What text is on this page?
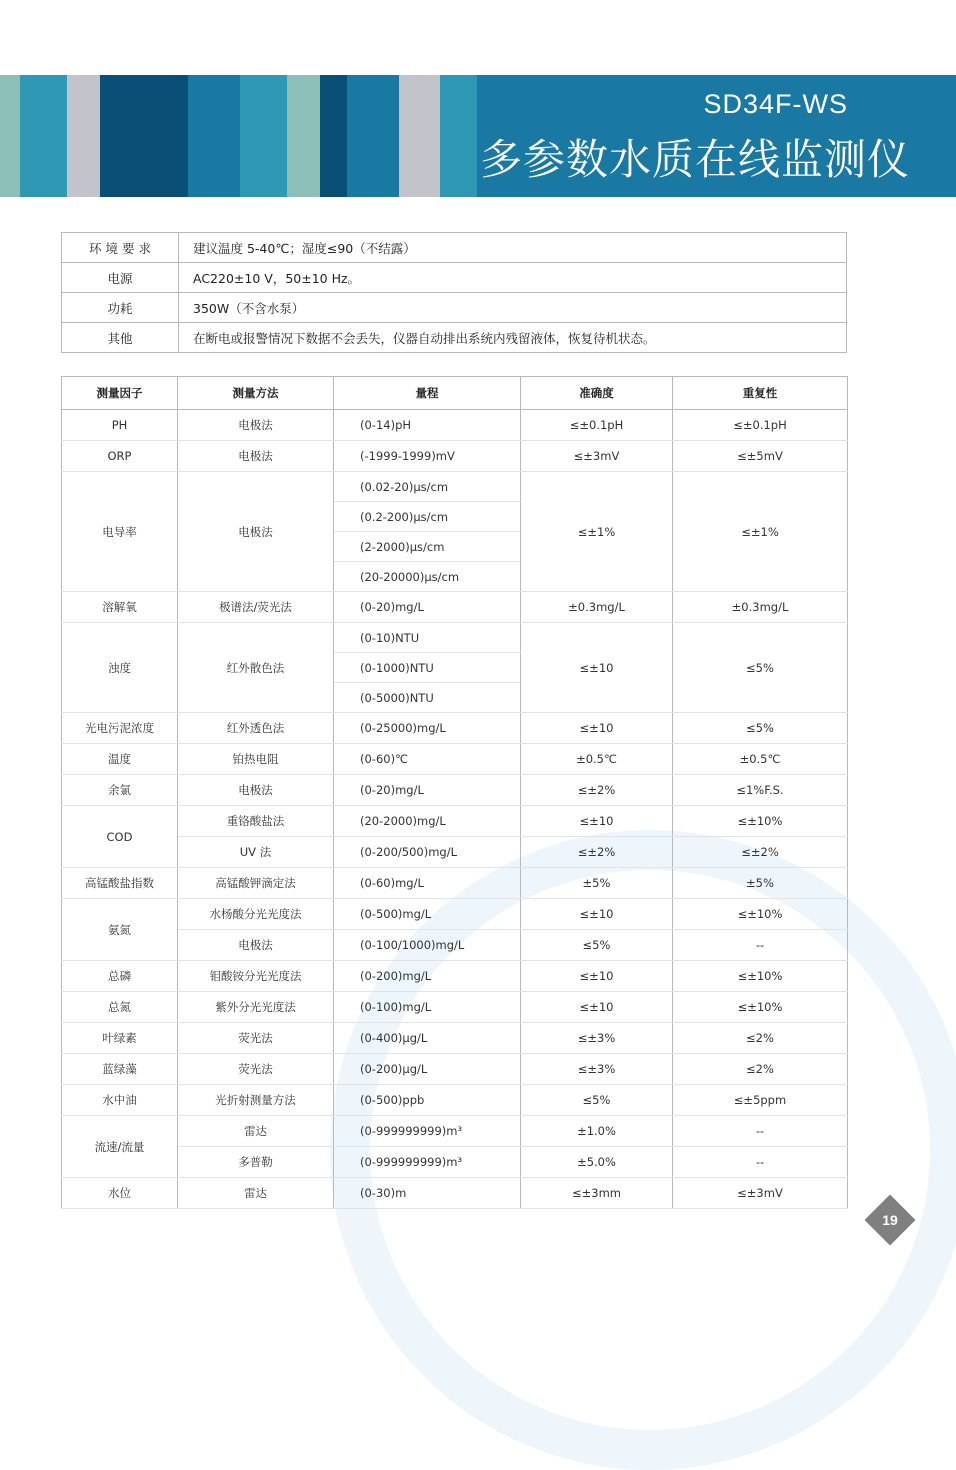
SD34F-WS
多参数水质在线监测仪
环 境 要 求	建议温度 5-40℃；湿度≤90（不结露）
电源	AC220±10 V，50±10 Hz。
功耗	350W（不含水泵）
其他	在断电或报警情况下数据不会丢失，仪器自动排出系统内残留液体，恢复待机状态。
测量因子	测量方法	量程	准确度	重复性
PH	电极法	(0-14)pH	≤±0.1pH	≤±0.1pH
ORP	电极法	(-1999-1999)mV	≤±3mV	≤±5mV
电导率	电极法	(0.02-20)μs/cm	≤±1%	≤±1%
		(0.2-200)μs/cm		
		(2-2000)μs/cm		
		(20-20000)μs/cm		
溶解氧	极谱法/荧光法	(0-20)mg/L	±0.3mg/L	±0.3mg/L
浊度	红外散色法	(0-10)NTU	≤±10	≤5%
		(0-1000)NTU		
		(0-5000)NTU		
光电污泥浓度	红外透色法	(0-25000)mg/L	≤±10	≤5%
温度	铂热电阻	(0-60)℃	±0.5℃	±0.5℃
余氯	电极法	(0-20)mg/L	≤±2%	≤1%F.S.
COD	重铬酸盐法	(20-2000)mg/L	≤±10	≤±10%
	UV 法	(0-200/500)mg/L	≤±2%	≤±2%
高锰酸盐指数	高锰酸钾滴定法	(0-60)mg/L	±5%	±5%
氨氮	水杨酸分光光度法	(0-500)mg/L	≤±10	≤±10%
	电极法	(0-100/1000)mg/L	≤5%	--
总磷	钼酸铵分光光度法	(0-200)mg/L	≤±10	≤±10%
总氮	紫外分光光度法	(0-100)mg/L	≤±10	≤±10%
叶绿素	荧光法	(0-400)μg/L	≤±3%	≤2%
蓝绿藻	荧光法	(0-200)μg/L	≤±3%	≤2%
水中油	光折射测量方法	(0-500)ppb	≤5%	≤±5ppm
流速/流量	雷达	(0-999999999)m³	±1.0%	--
	多普勒	(0-999999999)m³	±5.0%	--
水位	雷达	(0-30)m	≤±3mm	≤±3mV
19
